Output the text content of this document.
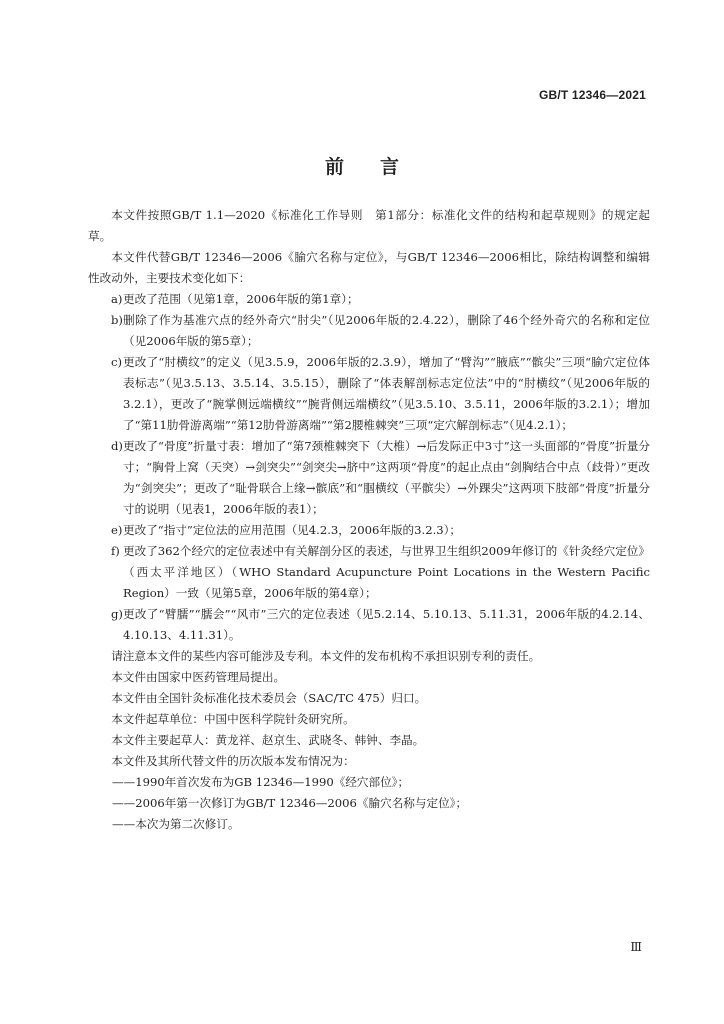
GB/T 12346—2021
前言

本文件按照GB/T 1.1—2020《标准化工作导则　第1部分：标准化文件的结构和起草规则》的规定起草。

本文件代替GB/T 12346—2006《腧穴名称与定位》，与GB/T 12346—2006相比，除结构调整和编辑性改动外，主要技术变化如下：

a) 更改了范围（见第1章，2006年版的第1章）；

b) 删除了作为基准穴点的经外奇穴“肘尖”（见2006年版的2.4.22），删除了46个经外奇穴的名称和定位（见2006年版的第5章）；

c) 更改了“肘横纹”的定义（见3.5.9，2006年版的2.3.9），增加了“臂沟”“腋底”“髌尖”三项“腧穴定位体表标志”（见3.5.13、3.5.14、3.5.15），删除了“体表解剖标志定位法”中的“肘横纹”（见2006年版的3.2.1），更改了“腕掌侧远端横纹”“腕背侧远端横纹”（见3.5.10、3.5.11，2006年版的3.2.1）；增加了“第11肋骨游离端”“第12肋骨游离端”“第2腰椎棘突”三项“定穴解剖标志”（见4.2.1）；

d) 更改了“骨度”折量寸表：增加了“第7颈椎棘突下（大椎）→后发际正中3寸”这一头面部的“骨度”折量分寸；“胸骨上窝（天突）→剑突尖”“剑突尖→脐中”这两项“骨度”的起止点由“剑胸结合中点（歧骨）”更改为“剑突尖”；更改了“耻骨联合上缘→髌底”和“腘横纹（平髌尖）→外踝尖”这两项下肢部“骨度”折量分寸的说明（见表1，2006年版的表1）；

e) 更改了“指寸”定位法的应用范围（见4.2.3，2006年版的3.2.3）；

f) 更改了362个经穴的定位表述中有关解剖分区的表述，与世界卫生组织2009年修订的《针灸经穴定位》（西太平洋地区）（WHO Standard Acupuncture Point Locations in the Western Pacific Region）一致（见第5章，2006年版的第4章）；

g) 更改了“臂臑”“臑会”“风市”三穴的定位表述（见5.2.14、5.10.13、5.11.31，2006年版的4.2.14、4.10.13、4.11.31）。

请注意本文件的某些内容可能涉及专利。本文件的发布机构不承担识别专利的责任。

本文件由国家中医药管理局提出。

本文件由全国针灸标准化技术委员会（SAC/TC 475）归口。

本文件起草单位：中国中医科学院针灸研究所。

本文件主要起草人：黄龙祥、赵京生、武晓冬、韩钟、李晶。

本文件及其所代替文件的历次版本发布情况为：

——1990年首次发布为GB 12346—1990《经穴部位》；

——2006年第一次修订为GB/T 12346—2006《腧穴名称与定位》；

——本次为第二次修订。

Ⅲ
